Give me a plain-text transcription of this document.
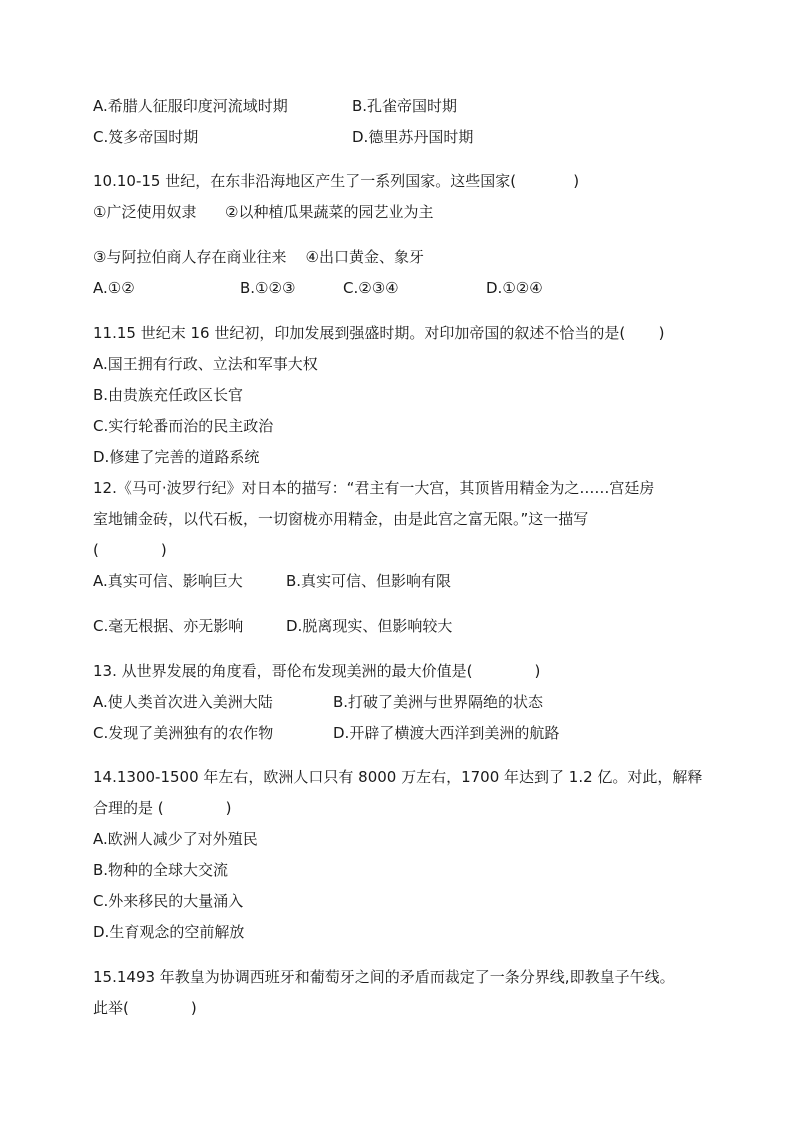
A.希腊人征服印度河流域时期	B.孔雀帝国时期
C.笈多帝国时期	D.德里苏丹国时期
10.10-15 世纪，在东非沿海地区产生了一系列国家。这些国家(            )
①广泛使用奴隶      ②以种植瓜果蔬菜的园艺业为主
③与阿拉伯商人存在商业往来    ④出口黄金、象牙
A.①②	B.①②③	C.②③④	D.①②④
11.15 世纪末 16 世纪初，印加发展到强盛时期。对印加帝国的叙述不恰当的是(       )
A.国王拥有行政、立法和军事大权
B.由贵族充任政区长官
C.实行轮番而治的民主政治
D.修建了完善的道路系统
12.《马可·波罗行纪》对日本的描写：“君主有一大宫，其顶皆用精金为之……宫廷房
室地铺金砖，以代石板，一切窗栊亦用精金，由是此宫之富无限。”这一描写
(             )
A.真实可信、影响巨大	B.真实可信、但影响有限
C.毫无根据、亦无影响	D.脱离现实、但影响较大
13. 从世界发展的角度看，哥伦布发现美洲的最大价值是(             )
A.使人类首次进入美洲大陆	B.打破了美洲与世界隔绝的状态
C.发现了美洲独有的农作物	D.开辟了横渡大西洋到美洲的航路
14.1300-1500 年左右，欧洲人口只有 8000 万左右，1700 年达到了 1.2 亿。对此，解释
合理的是 (             )
A.欧洲人减少了对外殖民
B.物种的全球大交流
C.外来移民的大量涌入
D.生育观念的空前解放
15.1493 年教皇为协调西班牙和葡萄牙之间的矛盾而裁定了一条分界线,即教皇子午线。
此举(             )
